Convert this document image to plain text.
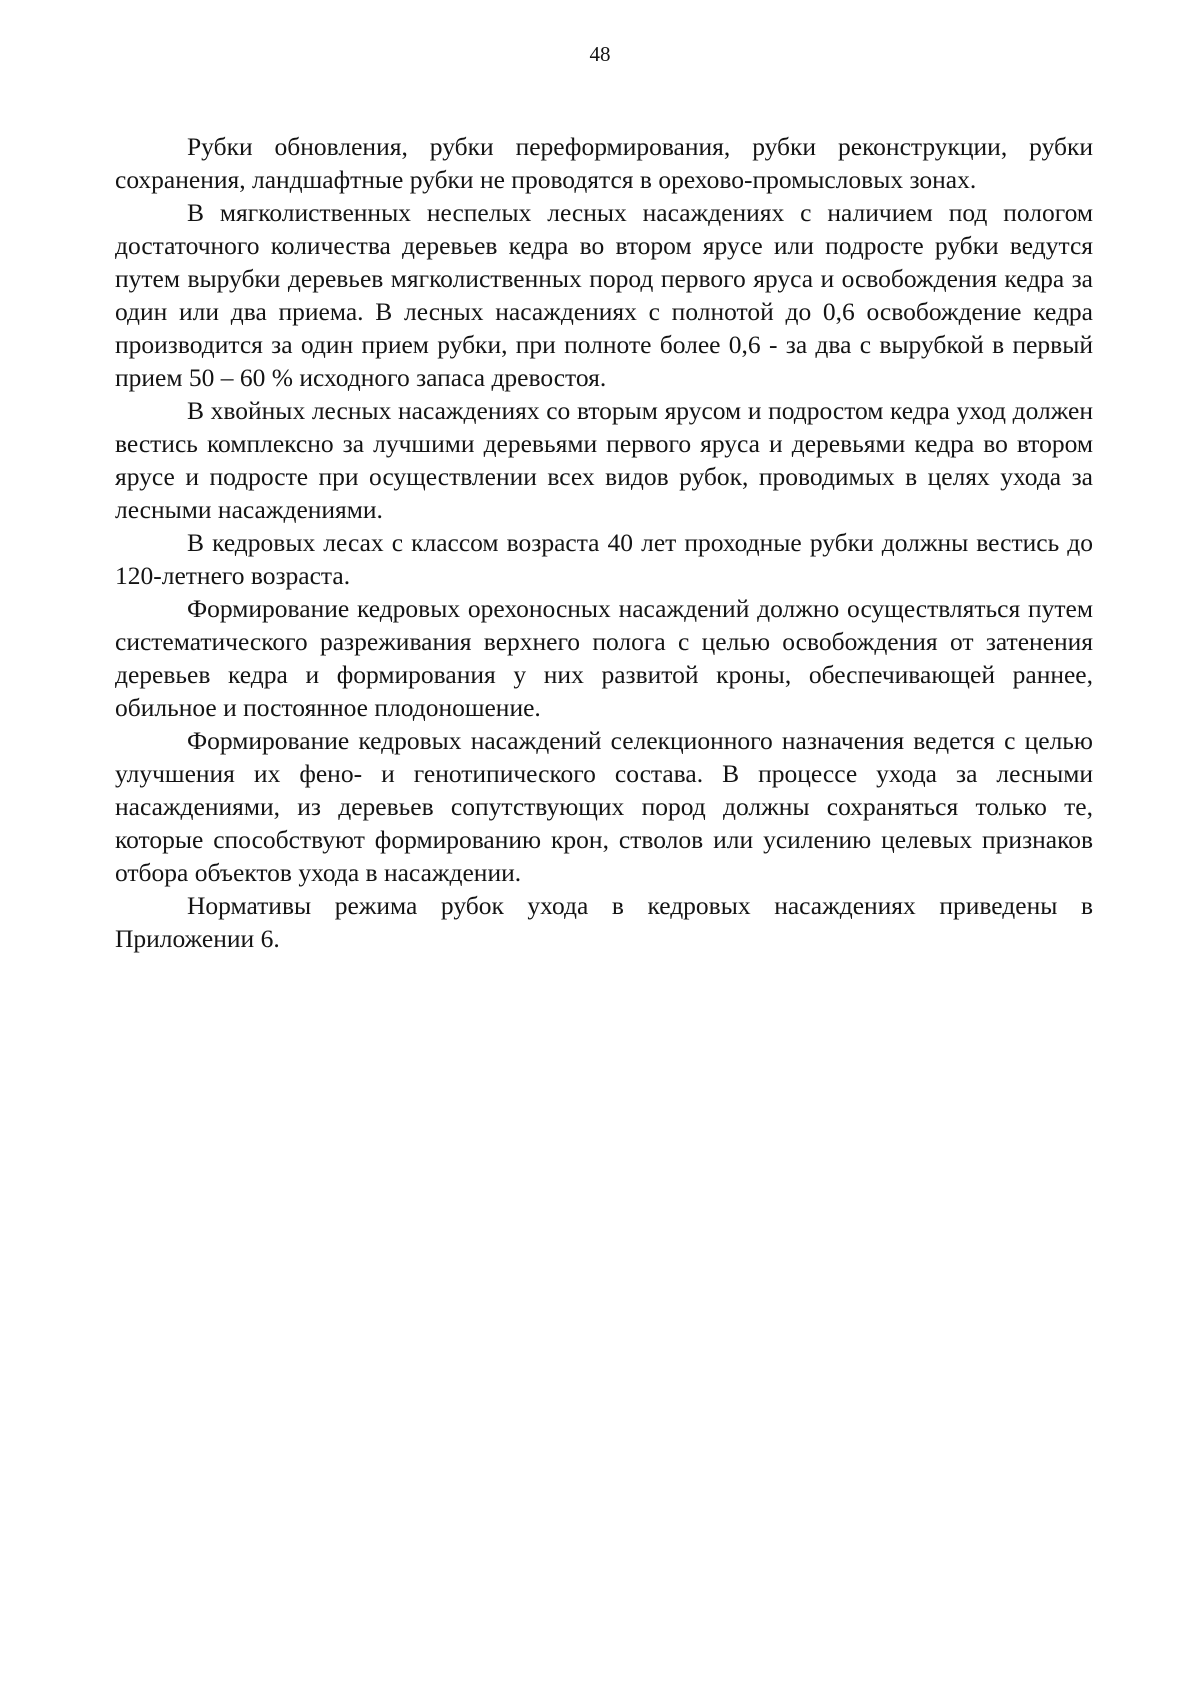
48

Рубки обновления, рубки переформирования, рубки реконструкции, рубки сохранения, ландшафтные рубки не проводятся в орехово-промысловых зонах.

В мягколиственных неспелых лесных насаждениях с наличием под пологом достаточного количества деревьев кедра во втором ярусе или подросте рубки ведутся путем вырубки деревьев мягколиственных пород первого яруса и освобождения кедра за один или два приема. В лесных насаждениях с полнотой до 0,6 освобождение кедра производится за один прием рубки, при полноте более 0,6 - за два с вырубкой в первый прием 50 – 60 % исходного запаса древостоя.

В хвойных лесных насаждениях со вторым ярусом и подростом кедра уход должен вестись комплексно за лучшими деревьями первого яруса и деревьями кедра во втором ярусе и подросте при осуществлении всех видов рубок, проводимых в целях ухода за лесными насаждениями.

В кедровых лесах с классом возраста 40 лет проходные рубки должны вестись до 120-летнего возраста.

Формирование кедровых орехоносных насаждений должно осуществляться путем систематического разреживания верхнего полога с целью освобождения от затенения деревьев кедра и формирования у них развитой кроны, обеспечивающей раннее, обильное и постоянное плодоношение.

Формирование кедровых насаждений селекционного назначения ведется с целью улучшения их фено- и генотипического состава. В процессе ухода за лесными насаждениями, из деревьев сопутствующих пород должны сохраняться только те, которые способствуют формированию крон, стволов или усилению целевых признаков отбора объектов ухода в насаждении.

Нормативы режима рубок ухода в кедровых насаждениях приведены в Приложении 6.
